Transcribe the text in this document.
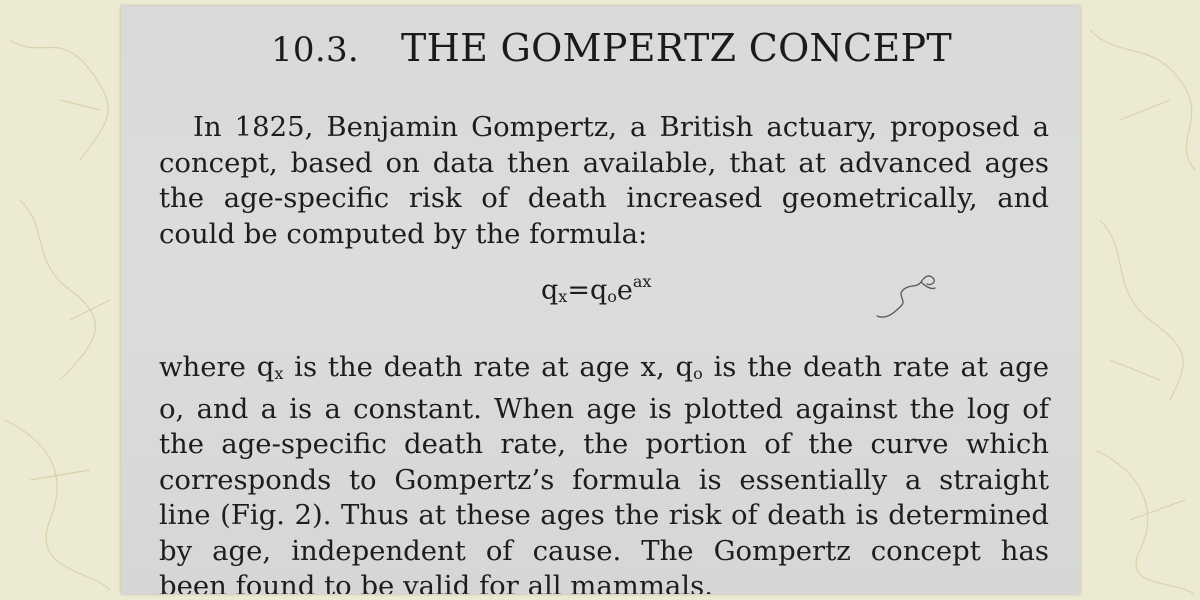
10.3. THE GOMPERTZ CONCEPT

In 1825, Benjamin Gompertz, a British actuary, proposed a
concept, based on data then available, that at advanced ages
the age-specific risk of death increased geometrically, and
could be computed by the formula:

$q_x=q_oe^{ax}$

where $q_x$ is the death rate at age x, $q_o$ is the death rate at age
o, and a is a constant. When age is plotted against the log of
the age-specific death rate, the portion of the curve which
corresponds to Gompertz’s formula is essentially a straight
line (Fig. 2). Thus at these ages the risk of death is determined
by age, independent of cause. The Gompertz concept has
been found to be valid for all mammals.
